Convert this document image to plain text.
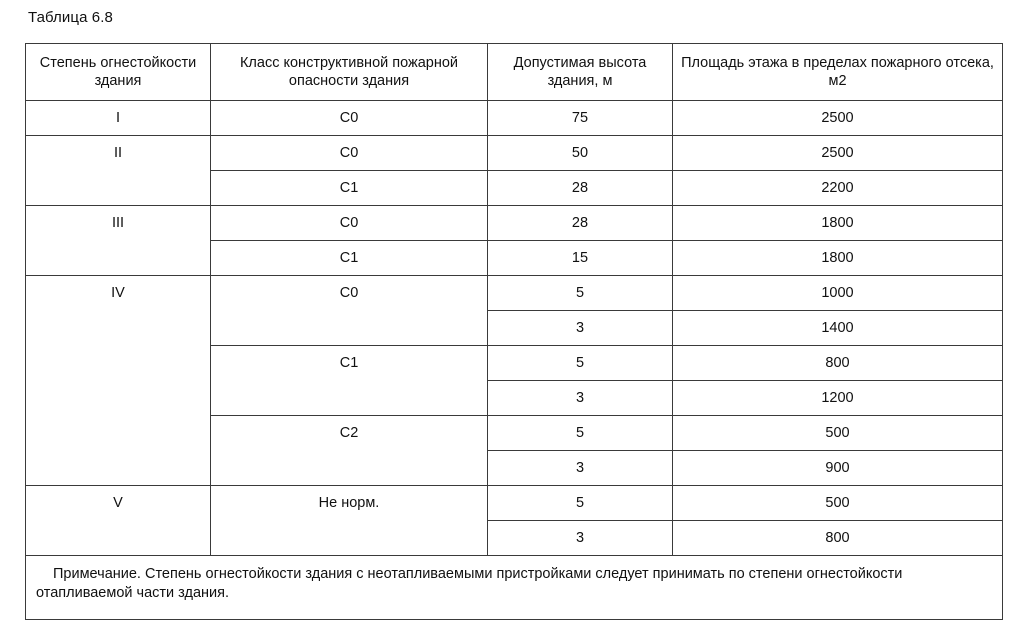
Таблица 6.8
Степень огнестойкости здания	Класс конструктивной пожарной опасности здания	Допустимая высота здания, м	Площадь этажа в пределах пожарного отсека, м2
I	С0	75	2500
II	С0	50	2500
	С1	28	2200
III	С0	28	1800
	С1	15	1800
IV	С0	5	1000
		3	1400
	С1	5	800
		3	1200
	С2	5	500
		3	900
V	Не норм.	5	500
		3	800
Примечание. Степень огнестойкости здания с неотапливаемыми пристройками следует принимать по степени огнестойкости отапливаемой части здания.			
